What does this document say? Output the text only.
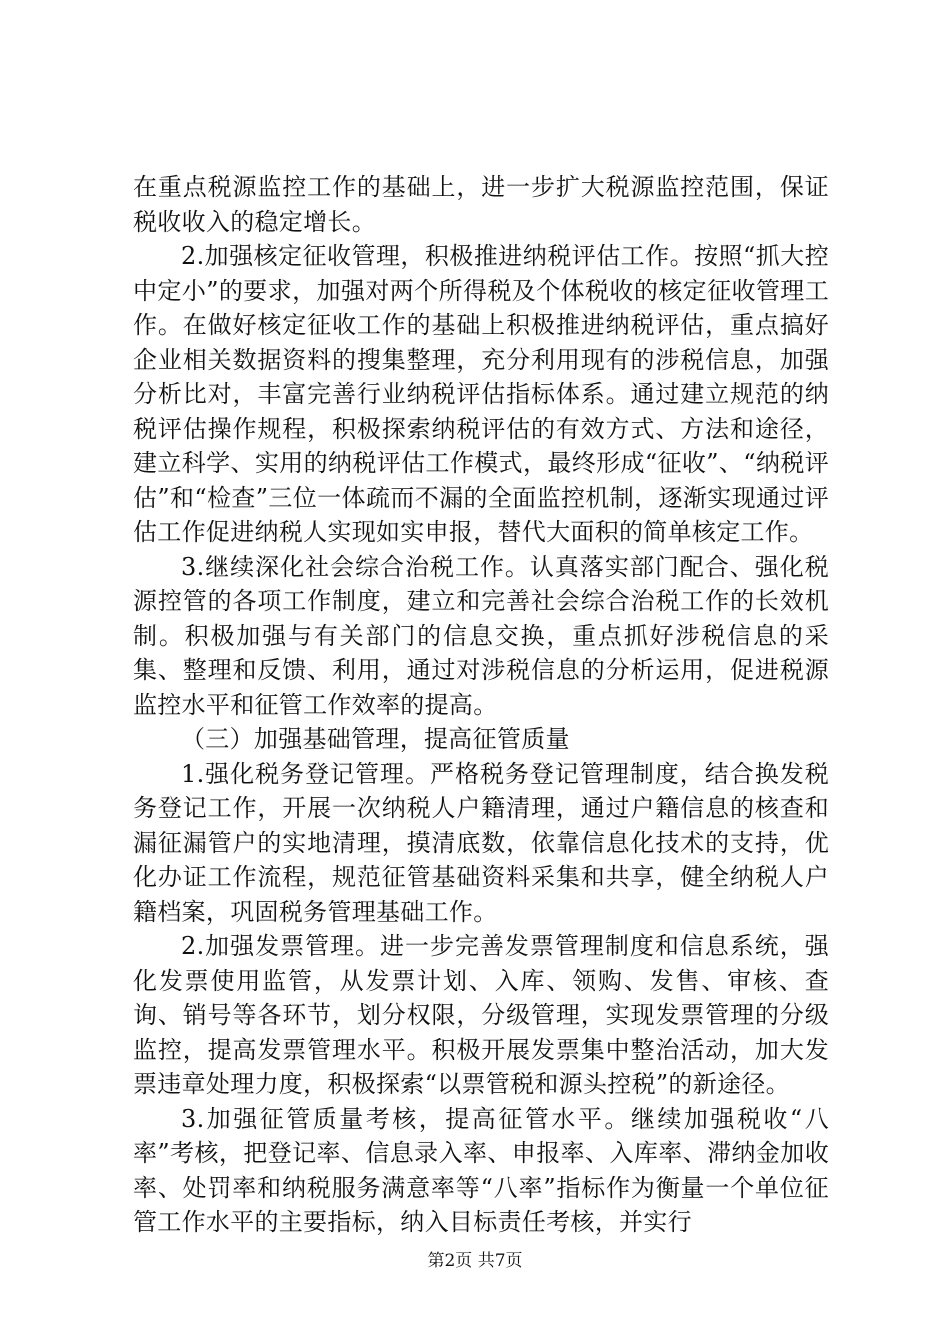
在重点税源监控工作的基础上，进一步扩大税源监控范围，保证税收收入的稳定增长。

2.加强核定征收管理，积极推进纳税评估工作。按照“抓大控中定小”的要求，加强对两个所得税及个体税收的核定征收管理工作。在做好核定征收工作的基础上积极推进纳税评估，重点搞好企业相关数据资料的搜集整理，充分利用现有的涉税信息，加强分析比对，丰富完善行业纳税评估指标体系。通过建立规范的纳税评估操作规程，积极探索纳税评估的有效方式、方法和途径，建立科学、实用的纳税评估工作模式，最终形成“征收”、“纳税评估”和“检查”三位一体疏而不漏的全面监控机制，逐渐实现通过评估工作促进纳税人实现如实申报，替代大面积的简单核定工作。

3.继续深化社会综合治税工作。认真落实部门配合、强化税源控管的各项工作制度，建立和完善社会综合治税工作的长效机制。积极加强与有关部门的信息交换，重点抓好涉税信息的采集、整理和反馈、利用，通过对涉税信息的分析运用，促进税源监控水平和征管工作效率的提高。

（三）加强基础管理，提高征管质量

1.强化税务登记管理。严格税务登记管理制度，结合换发税务登记工作，开展一次纳税人户籍清理，通过户籍信息的核查和漏征漏管户的实地清理，摸清底数，依靠信息化技术的支持，优化办证工作流程，规范征管基础资料采集和共享，健全纳税人户籍档案，巩固税务管理基础工作。

2.加强发票管理。进一步完善发票管理制度和信息系统，强化发票使用监管，从发票计划、入库、领购、发售、审核、查询、销号等各环节，划分权限，分级管理，实现发票管理的分级监控，提高发票管理水平。积极开展发票集中整治活动，加大发票违章处理力度，积极探索“以票管税和源头控税”的新途径。

3.加强征管质量考核，提高征管水平。继续加强税收“八率”考核，把登记率、信息录入率、申报率、入库率、滞纳金加收率、处罚率和纳税服务满意率等“八率”指标作为衡量一个单位征管工作水平的主要指标，纳入目标责任考核，并实行

第2页 共7页
